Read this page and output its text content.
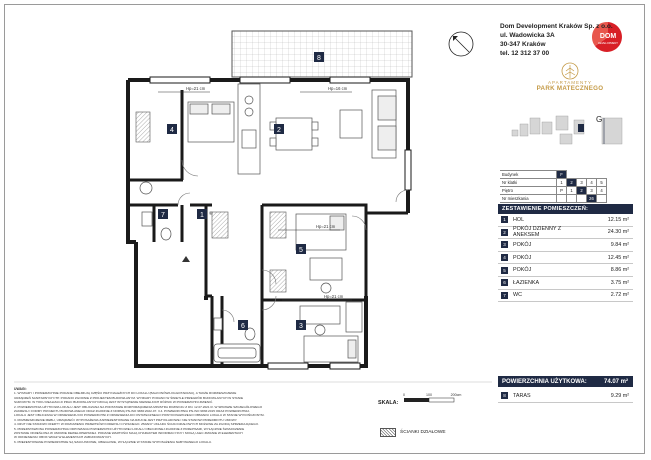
Hp=21 cm	Hp=16 cm
Hp=21 cm
Hp=21 cm
8
4	2
7	1
5
6	3
G
0	100	200cm
DOM
DEVELOPMENT
Dom Development Kraków Sp. z o.o.
ul. Wadowicka 3A
30-347 Kraków
tel. 12 312 37 00
APARTAMENTY
PARK MATECZNEGO
Budynek	F				
Nr klatki	1	2	3	4	5
Piętro	P	1	2	3	4
Nr mieszkania				26	
ZESTAWIENIE POMIESZCZEŃ:
1	HOL	12.15 m²
2	POKÓJ DZIENNY Z ANEKSEM	24.30 m²
3	POKÓJ	9.84 m²
4	POKÓJ	12.45 m²
5	POKÓJ	8.86 m²
6	ŁAZIENKA	3.75 m²
7	WC	2.72 m²
POWIERZCHNIA UŻYTKOWA:	74.07 m²
8	TARAS	9.29 m²
UWAGI:
1. WYMIARY I POWIERZCHNIE PODANE OBEJMUJĄ CZĘŚCI PRZYNALEŻNYCH DO LOKALU (BALKONÓW/LOGGII/TARASU), A TAKŻE ROZMIESZCZENIE
URZĄDZEŃ SANITARNYCH ITP. PODANO ZGODNIE Z PROJEKTEM BUDOWLANYM. WYMIARY PODANO W ŚWIETLE PRZEGRÓD BUDOWLANYCH W STANIE
SUROWYM. W TOKU REALIZACJI PRAC BUDOWLANYCH MOGĄ JEST WYSTĄPIENIE NIEWIELKICH RÓŻNIC W POWIERZCHNI ZMIENIĆ.
2. POWIERZCHNIA UŻYTKOWA LOKALU JEST OBLICZANA NA PODSTAWIE ROZPORZĄDZENIA MINISTRA ROZWOJU Z DN. 12.07.2021 R. W SPRAWIE SZCZEGÓŁOWEGO
ZAKRESU I FORMY PROJEKTU BUDOWLANEGO ORAZ ZGODNIE Z NORMĄ PN-ISO 9836:2022-07. 3.4. POWIERZCHNIA PN-ISO 9836:2015 ORAZ POWIERZCHNIA
LOKALU JEST OBLICZANA W ODNIESIENIU DO POWIERZCHNI Z ODNIESIENIA DO OSTATECZNEGO POWYKONAWCZEGO OBMIARU LOKALU W STANIE WYKOŃCZONYM.
3. ROZMIESZCZENIE MEBLI, URZĄDZEŃ I WYPOSAŻENIA ZAPREZENTOWANE NA RZUCIE JEST PRZYKŁADOWE I NIE STANOWI PRZEDMIOTU UMOWY.
4. RZUT NIE STANOWI OFERTY W ROZUMIENIU PRZEPISÓW KODEKSU CYWILNEGO. ZMIANY UKŁADU ŚCIAN DZIAŁOWYCH MOŻLIWE ZA ZGODĄ SPRZEDAJĄCEGO.
5. PRZEDSTAWIONA POWIERZCHNIA ODPOWIADA POWIERZCHNI UŻYTKOWEJ LOKALU OBLICZONEJ ZGODNIE Z PRZEPISAMI, WYŁĄCZNIE ŚWIADCZENIE
ZOSTANIE OKREŚLONA W UMOWIE DEWELOPERSKIEJ. PODANE WARTOŚCI MAJĄ CHARAKTER INFORMACYJNY I MOGĄ ULEC ZMIANIE W ELEMENTACH
W ODNIESIENIU OBOK WRAZ W ELEMENTACH ZABUDOWANYCH.
6. PREZENTOWANE POWIERZCHNIE SĄ SZACUNKOWE, UBIEGLIWIE, WYŁĄCZNIE W STANIE WYPOSAŻENIA NABYWANEGO LOKALU.
SKALA:
ŚCIANKI DZIAŁOWE
